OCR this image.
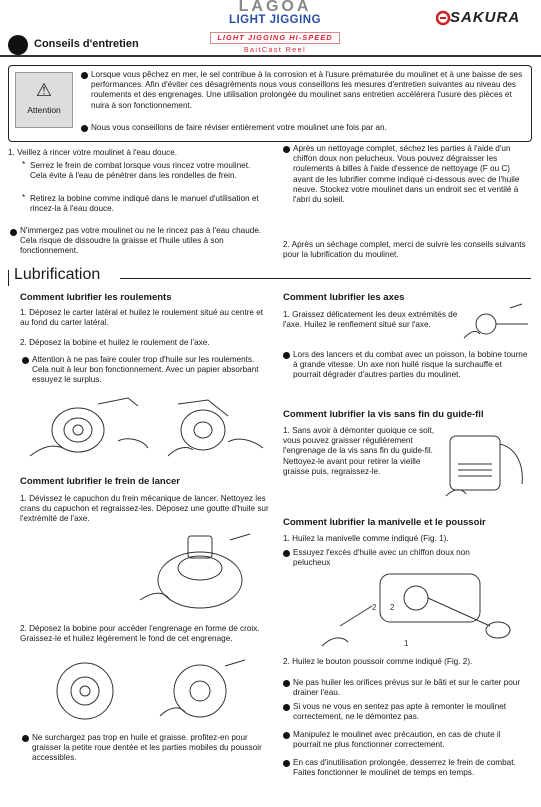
LAGOA
LIGHT JIGGING
LIGHT JIGGING HI-SPEED
BaitCast Reel
SAKURA
Conseils d'entretien
⚠
Attention

Lorsque vous pêchez en mer, le sel contribue à la corrosion et à l'usure prématurée du moulinet et à une baisse de ses performances. Afin d'éviter ces désagréments nous vous conseillons les mesures d'entretien suivantes au niveau des roulements et des engrenages. Une utilisation prolongée du moulinet sans entretien accélérera l'usure des pièces et nuira à son fonctionnement.

Nous vous conseillons de faire réviser entièrement votre moulinet une fois par an.

1. Veillez à rincer votre moulinet à l'eau douce.

* Serrez le frein de combat lorsque vous rincez votre moulinet. Cela évite à l'eau de pénétrer dans les rondelles de frein.

* Retirez la bobine comme indiqué dans le manuel d'utilisation et rincez-la à l'eau douce.

N'immergez pas votre moulinet ou ne le rincez pas à l'eau chaude. Cela risque de dissoudre la graisse et l'huile utiles à son fonctionnement.

Après un nettoyage complet, séchez les parties à l'aide d'un chiffon doux non pelucheux. Vous pouvez dégraisser les roulements à billes à l'aide d'essence de nettoyage (F ou C) avant de les lubrifier comme indiqué ci-dessous avec de l'huile neuve. Stockez votre moulinet dans un endroit sec et ventilé à l'abri du soleil.

2. Après un séchage complet, merci de suivre les conseils suivants pour la lubrification du moulinet.

Lubrification
Comment lubrifier les roulements

1. Déposez le carter latéral et huilez le roulement situé au centre et au fond du carter latéral.

2. Déposez la bobine et huilez le roulement de l'axe.

Attention à ne pas faire couler trop d'huile sur les roulements. Cela nuit à leur bon fonctionnement. Avec un papier absorbant essuyez le surplus.

Comment lubrifier le frein de lancer

1. Dévissez le capuchon du frein mécanique de lancer. Nettoyez les crans du capuchon et regraissez-les. Déposez une goutte d'huile sur l'extrémité de l'axe.

2. Déposez la bobine pour accéder l'engrenage en forme de croix. Graissez-le et huilez légèrement le fond de cet engrenage.

Ne surchargez pas trop en huile et graisse. profitez-en pour graisser la petite roue dentée et les parties mobiles du poussoir accessibles.

Comment lubrifier les axes

1. Graissez délicatement les deux extrémités de l'axe. Huilez le renflement situé sur l'axe.

Lors des lancers et du combat avec un poisson, la bobine tourne à grande vitesse. Un axe non huilé risque la surchauffe et pourrait dégrader d'autres parties du moulinet.

Comment lubrifier la vis sans fin du guide-fil

1. Sans avoir à démonter quoique ce soit, vous pouvez graisser régulièrement l'engrenage de la vis sans fin du guide-fil. Nettoyez-le avant pour retirer la vieille graisse puis, regraissez-le.

Comment lubrifier la manivelle et le poussoir

1. Huilez la manivelle comme indiqué (Fig. 1).

Essuyez l'excès d'huile avec un chiffon doux non pelucheux

2 2
1

2. Huilez le bouton poussoir comme indiqué (Fig. 2).

Ne pas huiler les orifices prévus sur le bâti et sur le carter pour drainer l'eau.

Si vous ne vous en sentez pas apte à remonter le moulinet correctement, ne le démontez pas.

Manipulez le moulinet avec précaution, en cas de chute il pourrait ne plus fonctionner correctement.

En cas d'inutilisation prolongée, desserrez le frein de combat. Faites fonctionner le moulinet de temps en temps.
